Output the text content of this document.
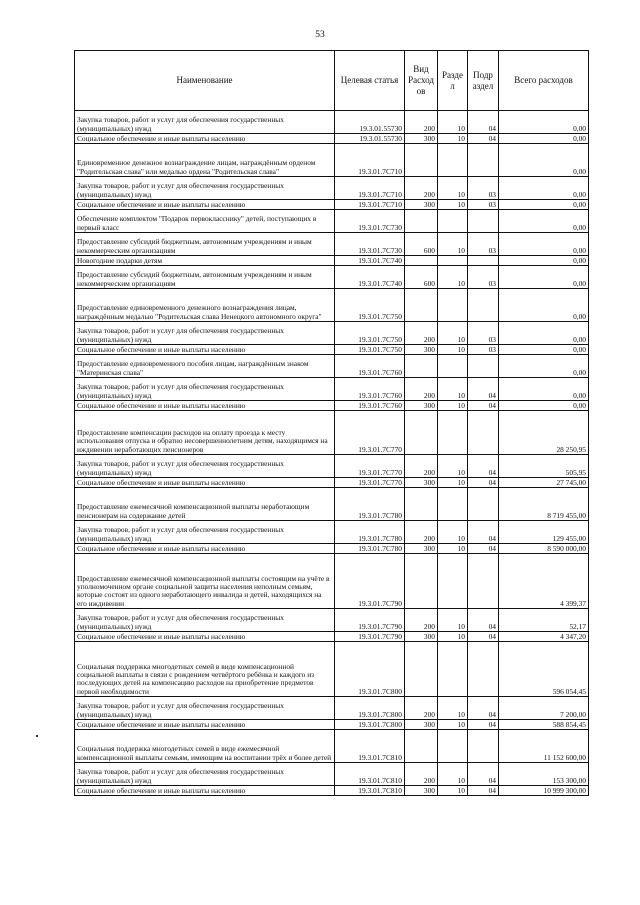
53
Наименование	Целевая статья	Вид Расход ов	Разде л	Подр аздел	Всего расходов
Закупка товаров, работ и услуг для обеспечения государственных (муниципальных) нужд	19.3.01.55730	200	10	04	0,00
Социальное обеспечение и иные выплаты населению	19.3.01.55730	300	10	04	0,00
Единовременное денежное вознаграждение лицам, награждённым орденом "Родительская слава" или медалью ордена "Родительская слава"	19.3.01.7С710				0,00
Закупка товаров, работ и услуг для обеспечения государственных (муниципальных) нужд	19.3.01.7С710	200	10	03	0,00
Социальное обеспечение и иные выплаты населению	19.3.01.7С710	300	10	03	0,00
Обеспечение комплектом "Подарок первокласснику" детей, поступающих в первый класс	19.3.01.7С730				0,00
Предоставление субсидий бюджетным, автономным учреждениям и иным некоммерческим организациям	19.3.01.7С730	600	10	03	0,00
Новогодние подарки детям	19.3.01.7С740				0,00
Предоставление субсидий бюджетным, автономным учреждениям и иным некоммерческим организациям	19.3.01.7С740	600	10	03	0,00
Предоставление единовременного денежного вознаграждения лицам, награждённым медалью "Родительская слава Ненецкого автономного округа"	19.3.01.7С750				0,00
Закупка товаров, работ и услуг для обеспечения государственных (муниципальных) нужд	19.3.01.7С750	200	10	03	0,00
Социальное обеспечение и иные выплаты населению	19.3.01.7С750	300	10	03	0,00
Предоставление единовременного пособия лицам, награждённым знаком "Материнская слава"	19.3.01.7С760				0,00
Закупка товаров, работ и услуг для обеспечения государственных (муниципальных) нужд	19.3.01.7С760	200	10	04	0,00
Социальное обеспечение и иные выплаты населению	19.3.01.7С760	300	10	04	0,00
Предоставление компенсации расходов на оплату проезда к месту использования отпуска и обратно несовершеннолетним детям, находящимся на иждивении неработающих пенсионеров	19.3.01.7С770				28 250,95
Закупка товаров, работ и услуг для обеспечения государственных (муниципальных) нужд	19.3.01.7С770	200	10	04	505,95
Социальное обеспечение и иные выплаты населению	19.3.01.7С770	300	10	04	27 745,00
Предоставление ежемесячной компенсационной выплаты неработающим пенсионерам на содержание детей	19.3.01.7С780				8 719 455,00
Закупка товаров, работ и услуг для обеспечения государственных (муниципальных) нужд	19.3.01.7С780	200	10	04	129 455,00
Социальное обеспечение и иные выплаты населению	19.3.01.7С780	300	10	04	8 590 000,00
Предоставление ежемесячной компенсационной выплаты состоящим на учёте в уполномоченном органе социальной защиты населения неполным семьям, которые состоят из одного неработающего инвалида и детей, находящихся на его иждивении	19.3.01.7С790				4 399,37
Закупка товаров, работ и услуг для обеспечения государственных (муниципальных) нужд	19.3.01.7С790	200	10	04	52,17
Социальное обеспечение и иные выплаты населению	19.3.01.7С790	300	10	04	4 347,20
Социальная поддержка многодетных семей в виде компенсационной социальной выплаты в связи с рождением четвёртого ребёнка и каждого из последующих детей на компенсацию расходов на приобретение предметов первой необходимости	19.3.01.7С800				596 054,45
Закупка товаров, работ и услуг для обеспечения государственных (муниципальных) нужд	19.3.01.7С800	200	10	04	7 200,00
Социальное обеспечение и иные выплаты населению	19.3.01.7С800	300	10	04	588 854,45
Социальная поддержка многодетных семей в виде ежемесячной компенсационной выплаты семьям, имеющим на воспитании трёх и более детей	19.3.01.7С810				11 152 600,00
Закупка товаров, работ и услуг для обеспечения государственных (муниципальных) нужд	19.3.01.7С810	200	10	04	153 300,00
Социальное обеспечение и иные выплаты населению	19.3.01.7С810	300	10	04	10 999 300,00
